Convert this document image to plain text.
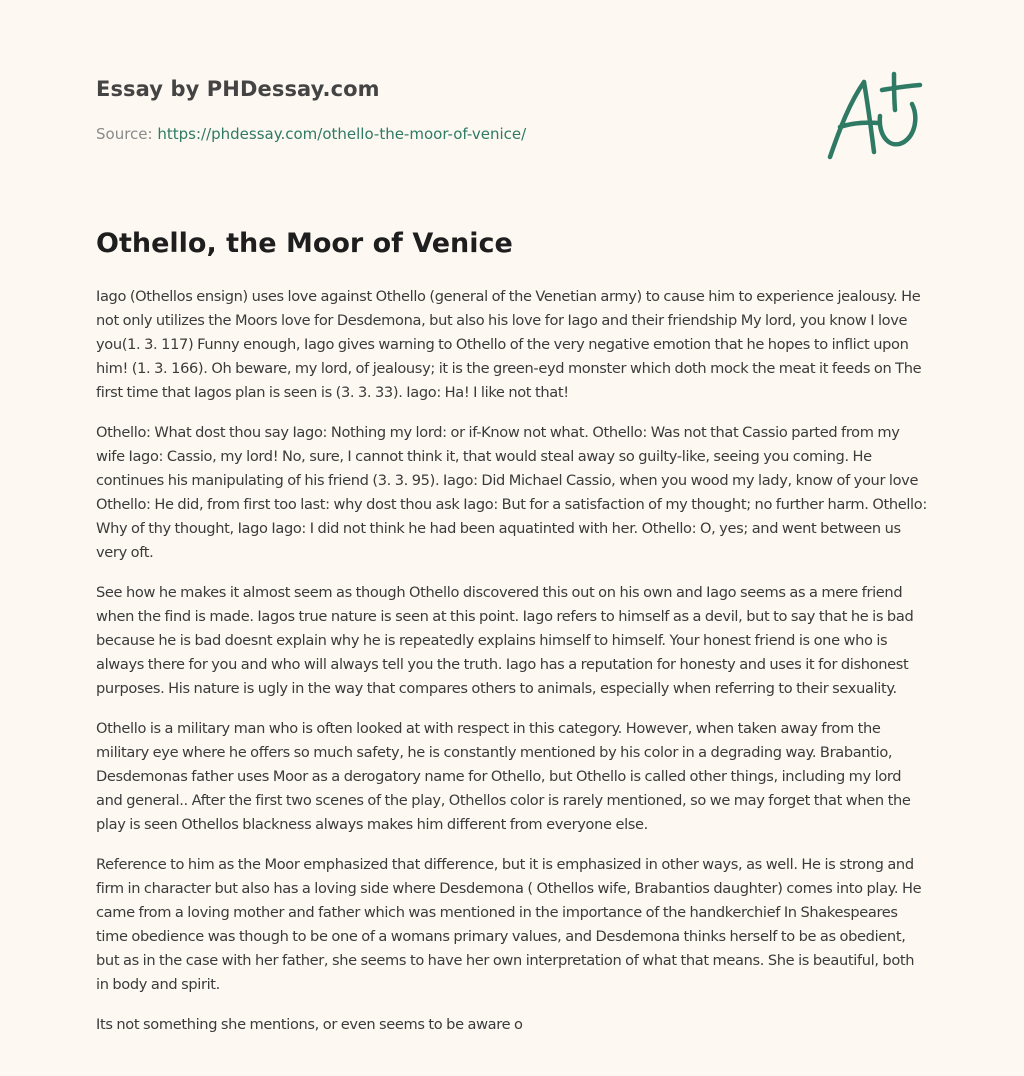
Essay by PHDessay.com
Source: https://phdessay.com/othello-the-moor-of-venice/
Othello, the Moor of Venice

Iago (Othellos ensign) uses love against Othello (general of the Venetian army) to cause him to experience jealousy. He not only utilizes the Moors love for Desdemona, but also his love for Iago and their friendship My lord, you know I love you(1. 3. 117) Funny enough, Iago gives warning to Othello of the very negative emotion that he hopes to inflict upon him! (1. 3. 166). Oh beware, my lord, of jealousy; it is the green-eyd monster which doth mock the meat it feeds on The first time that Iagos plan is seen is (3. 3. 33). Iago: Ha! I like not that!

Othello: What dost thou say Iago: Nothing my lord: or if-Know not what. Othello: Was not that Cassio parted from my wife Iago: Cassio, my lord! No, sure, I cannot think it, that would steal away so guilty-like, seeing you coming. He continues his manipulating of his friend (3. 3. 95). Iago: Did Michael Cassio, when you wood my lady, know of your love Othello: He did, from first too last: why dost thou ask Iago: But for a satisfaction of my thought; no further harm. Othello: Why of thy thought, Iago Iago: I did not think he had been aquatinted with her. Othello: O, yes; and went between us very oft.

See how he makes it almost seem as though Othello discovered this out on his own and Iago seems as a mere friend when the find is made. Iagos true nature is seen at this point. Iago refers to himself as a devil, but to say that he is bad because he is bad doesnt explain why he is repeatedly explains himself to himself. Your honest friend is one who is always there for you and who will always tell you the truth. Iago has a reputation for honesty and uses it for dishonest purposes. His nature is ugly in the way that compares others to animals, especially when referring to their sexuality.

Othello is a military man who is often looked at with respect in this category. However, when taken away from the military eye where he offers so much safety, he is constantly mentioned by his color in a degrading way. Brabantio, Desdemonas father uses Moor as a derogatory name for Othello, but Othello is called other things, including my lord and general.. After the first two scenes of the play, Othellos color is rarely mentioned, so we may forget that when the play is seen Othellos blackness always makes him different from everyone else.

Reference to him as the Moor emphasized that difference, but it is emphasized in other ways, as well. He is strong and firm in character but also has a loving side where Desdemona ( Othellos wife, Brabantios daughter) comes into play. He came from a loving mother and father which was mentioned in the importance of the handkerchief In Shakespeares time obedience was though to be one of a womans primary values, and Desdemona thinks herself to be as obedient, but as in the case with her father, she seems to have her own interpretation of what that means. She is beautiful, both in body and spirit.

Its not something she mentions, or even seems to be aware o
